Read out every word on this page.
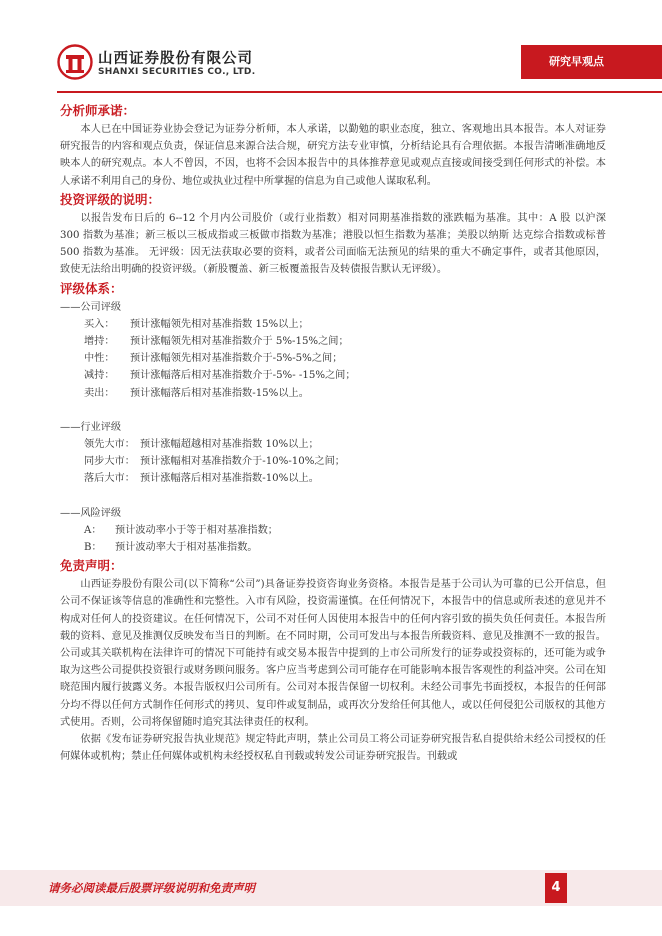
山西证券股份有限公司
SHANXI SECURITIES CO., LTD.
研究早观点
分析师承诺：
本人已在中国证券业协会登记为证券分析师，本人承诺，以勤勉的职业态度，独立、客观地出具本报告。本人对证券研究报告的内容和观点负责，保证信息来源合法合规，研究方法专业审慎，分析结论具有合理依据。本报告清晰准确地反映本人的研究观点。本人不曾因，不因，也将不会因本报告中的具体推荐意见或观点直接或间接受到任何形式的补偿。本人承诺不利用自己的身份、地位或执业过程中所掌握的信息为自己或他人谋取私利。
投资评级的说明：
以报告发布日后的 6--12 个月内公司股价（或行业指数）相对同期基准指数的涨跌幅为基准。其中：A 股 以沪深 300 指数为基准；新三板以三板成指或三板做市指数为基准；港股以恒生指数为基准；美股以纳斯 达克综合指数或标普 500 指数为基准。 无评级：因无法获取必要的资料，或者公司面临无法预见的结果的重大不确定事件，或者其他原因， 致使无法给出明确的投资评级。（新股覆盖、新三板覆盖报告及转债报告默认无评级）。
评级体系：
——公司评级
买入：	预计涨幅领先相对基准指数 15%以上；
增持：	预计涨幅领先相对基准指数介于 5%-15%之间；
中性：	预计涨幅领先相对基准指数介于-5%-5%之间；
减持：	预计涨幅落后相对基准指数介于-5%- -15%之间；
卖出：	预计涨幅落后相对基准指数-15%以上。
——行业评级
领先大市： 预计涨幅超越相对基准指数 10%以上；
同步大市： 预计涨幅相对基准指数介于-10%-10%之间；
落后大市： 预计涨幅落后相对基准指数-10%以上。
——风险评级
A：	预计波动率小于等于相对基准指数；
B：	预计波动率大于相对基准指数。
免责声明：
山西证券股份有限公司(以下简称“公司”)具备证券投资咨询业务资格。本报告是基于公司认为可靠的已公开信息，但公司不保证该等信息的准确性和完整性。入市有风险，投资需谨慎。在任何情况下，本报告中的信息或所表述的意见并不构成对任何人的投资建议。在任何情况下，公司不对任何人因使用本报告中的任何内容引致的损失负任何责任。本报告所载的资料、意见及推测仅反映发布当日的判断。在不同时期，公司可发出与本报告所载资料、意见及推测不一致的报告。公司或其关联机构在法律许可的情况下可能持有或交易本报告中提到的上市公司所发行的证券或投资标的，还可能为或争取为这些公司提供投资银行或财务顾问服务。客户应当考虑到公司可能存在可能影响本报告客观性的利益冲突。公司在知晓范围内履行披露义务。本报告版权归公司所有。公司对本报告保留一切权利。未经公司事先书面授权，本报告的任何部分均不得以任何方式制作任何形式的拷贝、复印件或复制品，或再次分发给任何其他人，或以任何侵犯公司版权的其他方式使用。否则，公司将保留随时追究其法律责任的权利。
依据《发布证券研究报告执业规范》规定特此声明，禁止公司员工将公司证券研究报告私自提供给未经公司授权的任何媒体或机构；禁止任何媒体或机构未经授权私自刊载或转发公司证券研究报告。刊载或
请务必阅读最后股票评级说明和免责声明	4
